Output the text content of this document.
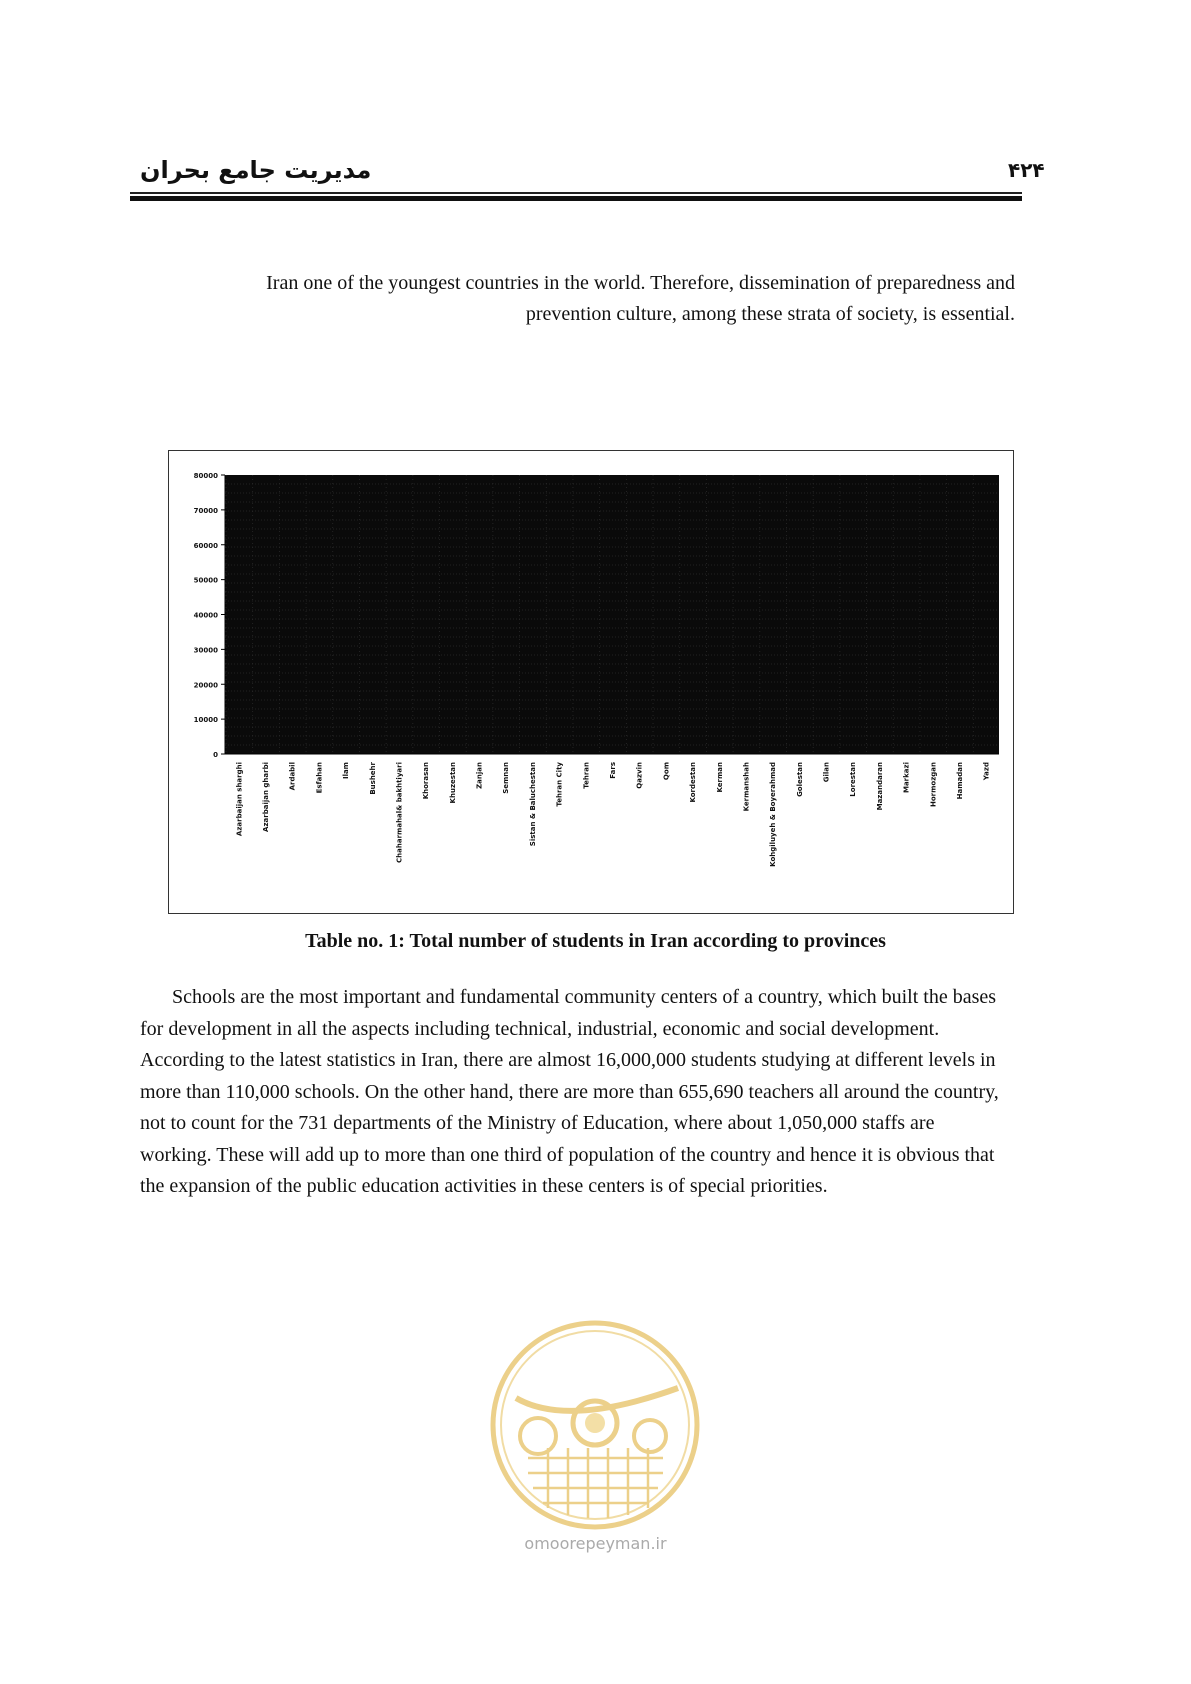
مدیریت جامع بحران	۴۲۴
Iran one of the youngest countries in the world. Therefore, dissemination of preparedness and
prevention culture, among these strata of society, is essential.
0
10000
20000
30000
40000
50000
60000
70000
80000
Azarbaijan sharghi	Azarbaijan gharbi	Ardabil	Esfahan	Ilam	Bushehr	Chaharmahal& bakhtiyari	Khorasan	Khuzestan	Zanjan	Semnan	Sistan & Baluchestan	Tehran City	Tehran	Fars	Qazvin	Qom	Kordestan	Kerman	Kermanshah	Kohgiluyeh & Boyerahmad	Golestan	Gilan	Lorestan	Mazandaran	Markazi	Hormozgan	Hamadan	Yazd
Table no. 1: Total number of students in Iran according to provinces
Schools are the most important and fundamental community centers of a country, which built the bases for development in all the aspects including technical, industrial, economic and social development. According to the latest statistics in Iran, there are almost 16,000,000 students studying at different levels in more than 110,000 schools. On the other hand, there are more than 655,690 teachers all around the country, not to count for the 731 departments of the Ministry of Education, where about 1,050,000 staffs are working. These will add up to more than one third of population of the country and hence it is obvious that the expansion of the public education activities in these centers is of special priorities.
omoorepeyman.ir
